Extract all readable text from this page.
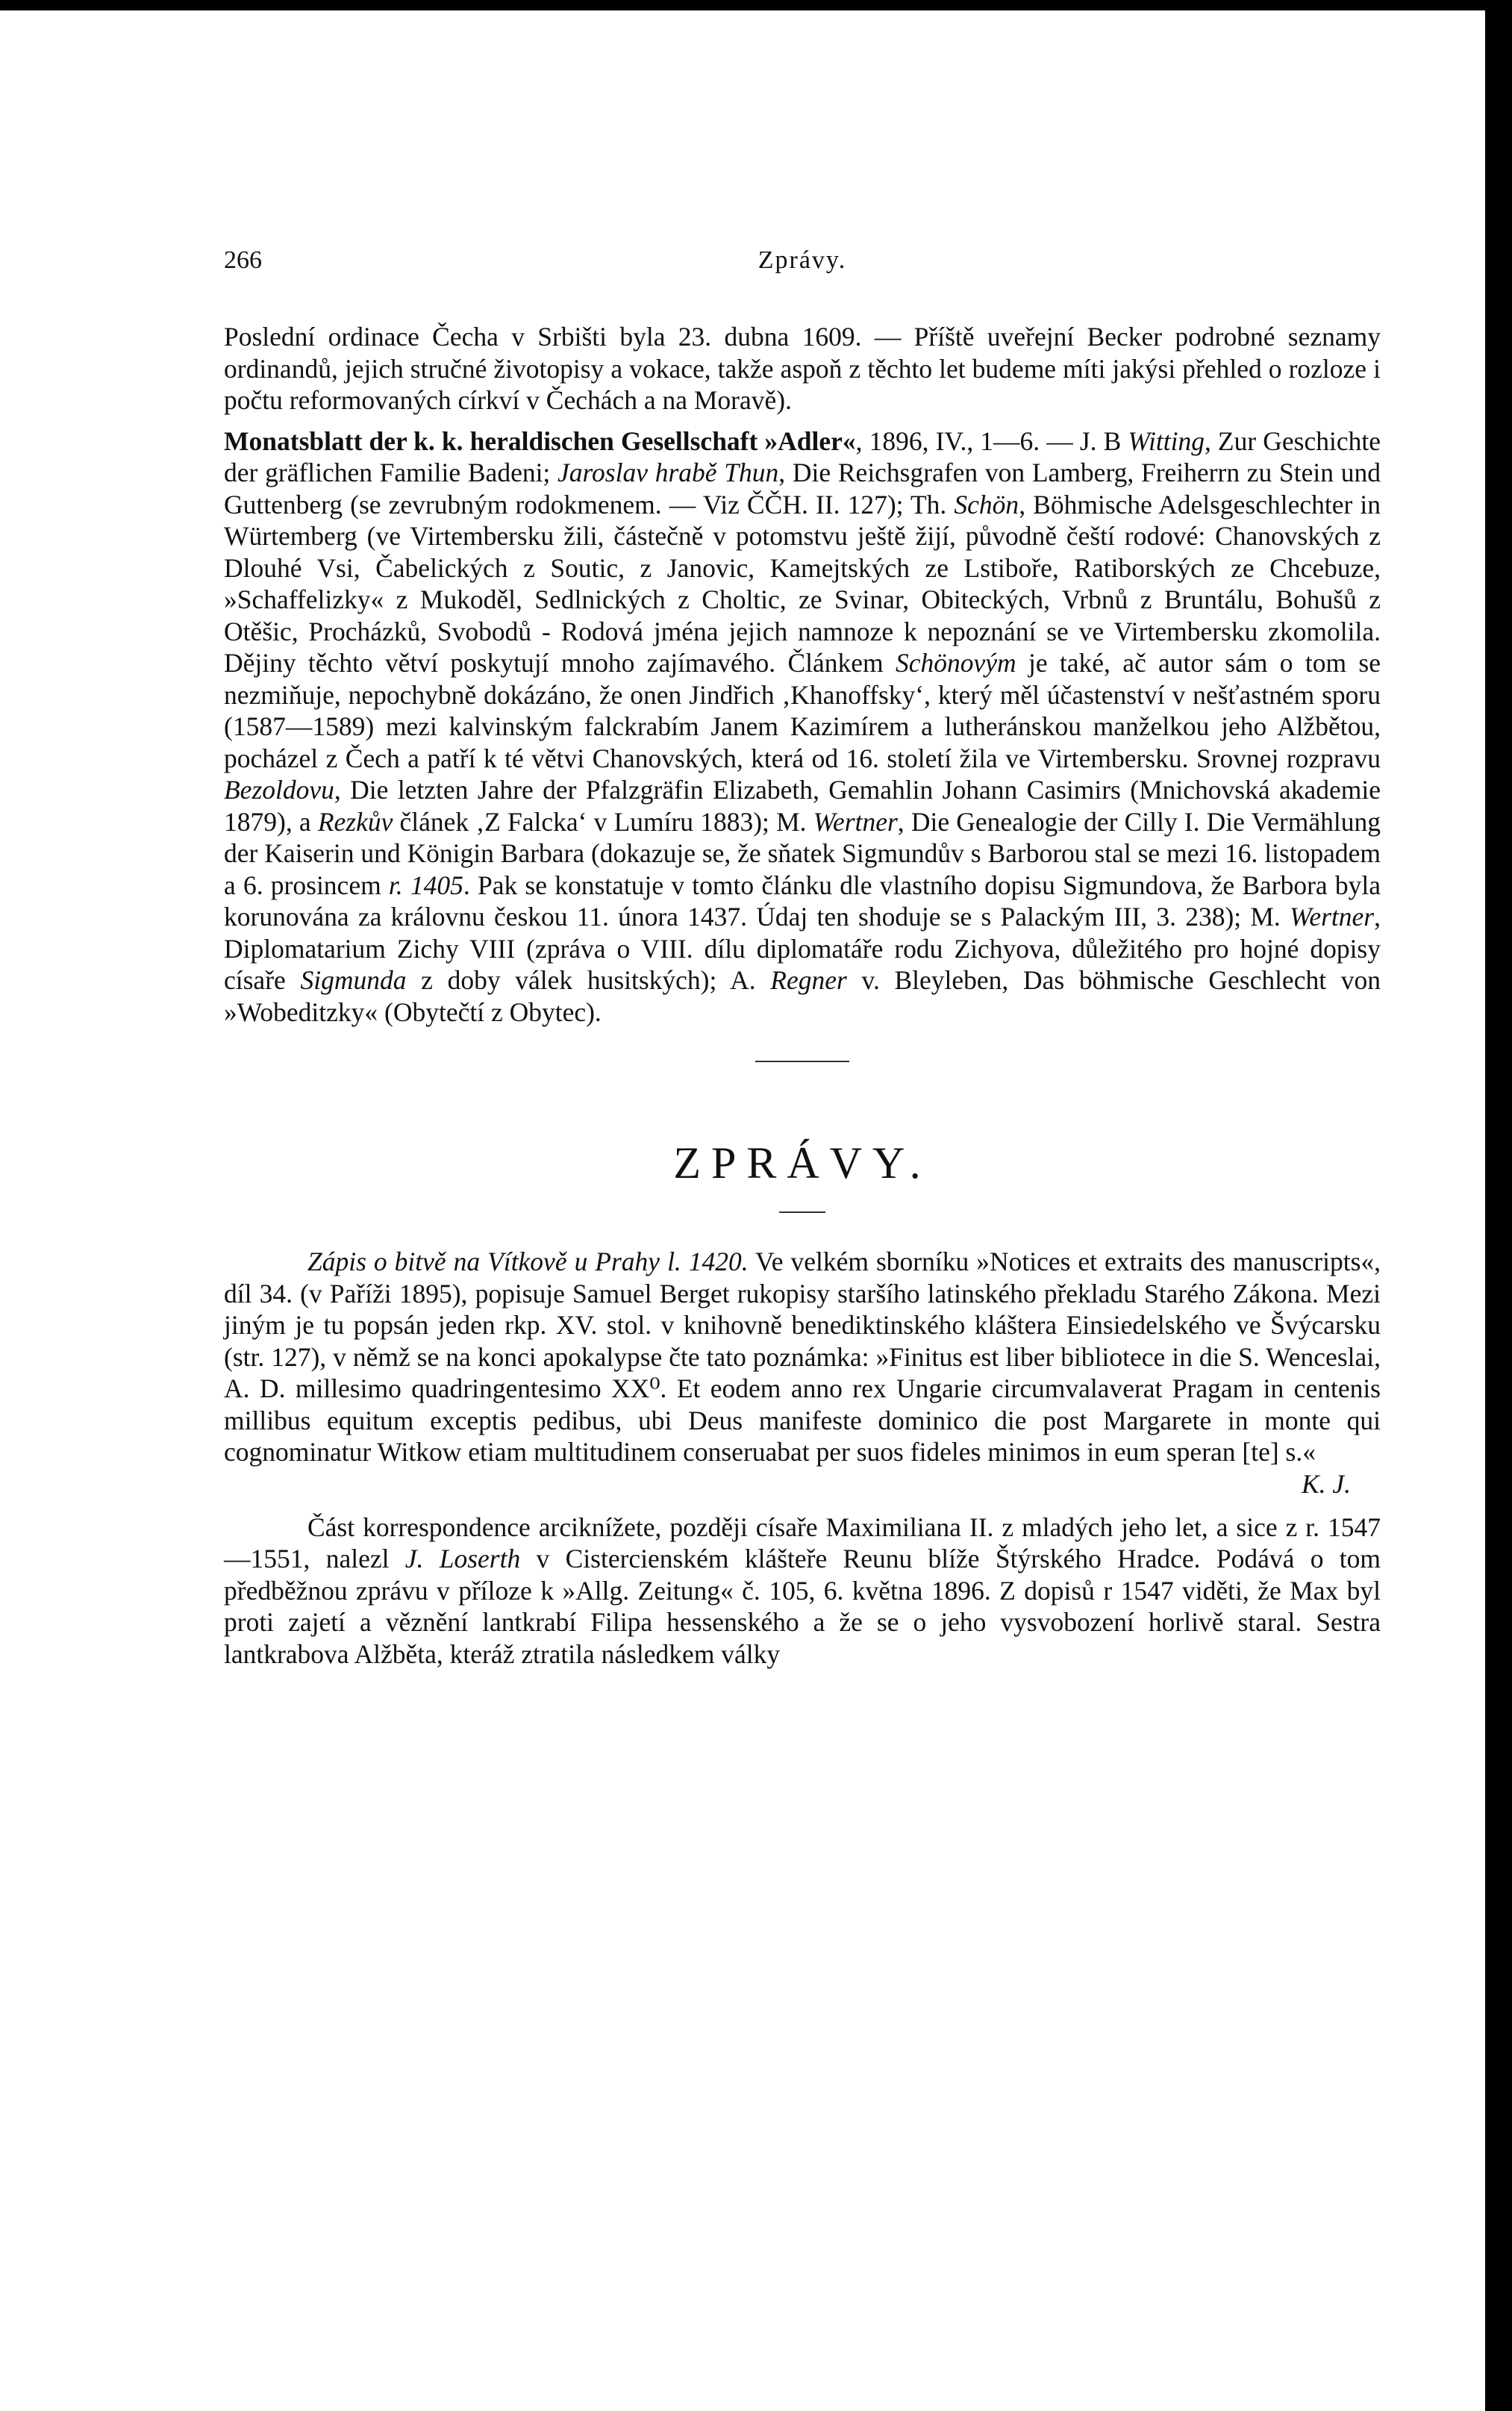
266	Zprávy.

Poslední ordinace Čecha v Srbišti byla 23. dubna 1609. — Příště uveřejní Becker podrobné seznamy ordinandů, jejich stručné životopisy a vokace, takže aspoň z těchto let budeme míti jakýsi přehled o rozloze i počtu reformovaných církví v Čechách a na Moravě).

Monatsblatt der k. k. heraldischen Gesellschaft »Adler«, 1896, IV., 1—6. — J. B Witting, Zur Geschichte der gräflichen Familie Badeni; Jaroslav hrabě Thun, Die Reichsgrafen von Lamberg, Freiherrn zu Stein und Guttenberg (se zevrubným rodokmenem. — Viz ČČH. II. 127); Th. Schön, Böhmische Adelsgeschlechter in Würtemberg (ve Virtembersku žili, částečně v potomstvu ještě žijí, původně čeští rodové: Chanovských z Dlouhé Vsi, Čabelických z Soutic, z Janovic, Kamejtských ze Lstiboře, Ratiborských ze Chcebuze, »Schaffelizky« z Mukoděl, Sedlnických z Choltic, ze Svinar, Obiteckých, Vrbnů z Bruntálu, Bohušů z Otěšic, Procházků, Svobodů - Rodová jména jejich namnoze k nepoznání se ve Virtembersku zkomolila. Dějiny těchto větví poskytují mnoho zajímavého. Článkem Schönovým je také, ač autor sám o tom se nezmiňuje, nepochybně dokázáno, že onen Jindřich ‚Khanoffsky‘, který měl účastenství v nešťastném sporu (1587—1589) mezi kalvinským falckrabím Janem Kazimírem a lutheránskou manželkou jeho Alžbětou, pocházel z Čech a patří k té větvi Chanovských, která od 16. století žila ve Virtembersku. Srovnej rozpravu Bezoldovu, Die letzten Jahre der Pfalzgräfin Elizabeth, Gemahlin Johann Casimirs (Mnichovská akademie 1879), a Rezkův článek ‚Z Falcka‘ v Lumíru 1883); M. Wertner, Die Genealogie der Cilly I. Die Vermählung der Kaiserin und Königin Barbara (dokazuje se, že sňatek Sigmundův s Barborou stal se mezi 16. listopadem a 6. prosincem r. 1405. Pak se konstatuje v tomto článku dle vlastního dopisu Sigmundova, že Barbora byla korunována za královnu českou 11. února 1437. Údaj ten shoduje se s Palackým III, 3. 238); M. Wertner, Diplomatarium Zichy VIII (zpráva o VIII. dílu diplomatáře rodu Zichyova, důležitého pro hojné dopisy císaře Sigmunda z doby válek husitských); A. Regner v. Bleyleben, Das böhmische Geschlecht von »Wobeditzky« (Obytečtí z Obytec).

ZPRÁVY.

Zápis o bitvě na Vítkově u Prahy l. 1420. Ve velkém sborníku »Notices et extraits des manuscripts«, díl 34. (v Paříži 1895), popisuje Samuel Berget rukopisy staršího latinského překladu Starého Zákona. Mezi jiným je tu popsán jeden rkp. XV. stol. v knihovně benediktinského kláštera Einsiedelského ve Švýcarsku (str. 127), v němž se na konci apokalypse čte tato poznámka: »Finitus est liber bibliotece in die S. Wenceslai, A. D. millesimo quadringentesimo XX⁰. Et eodem anno rex Ungarie circumvalaverat Pragam in centenis millibus equitum exceptis pedibus, ubi Deus manifeste dominico die post Margarete in monte qui cognominatur Witkow etiam multitudinem conseruabat per suos fideles minimos in eum speran [te] s.«
K. J.

Část korrespondence arciknížete, později císaře Maximiliana II. z mladých jeho let, a sice z r. 1547—1551, nalezl J. Loserth v Cistercienském klášteře Reunu blíže Štýrského Hradce. Podává o tom předběžnou zprávu v příloze k »Allg. Zeitung« č. 105, 6. května 1896. Z dopisů r 1547 viděti, že Max byl proti zajetí a věznění lantkrabí Filipa hessenského a že se o jeho vysvobození horlivě staral. Sestra lantkrabova Alžběta, kteráž ztratila následkem války
